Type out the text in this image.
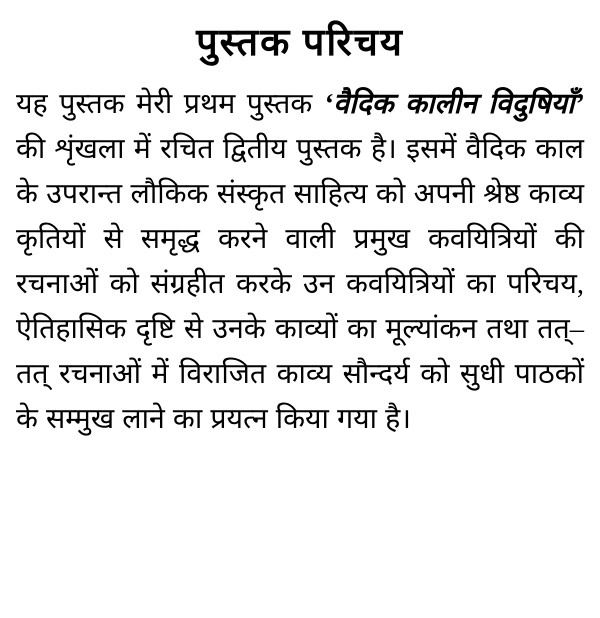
पुस्तक परिचय

यह पुस्तक मेरी प्रथम पुस्तक ‘वैदिक कालीन विदुषियाँ’ की शृंखला में रचित द्वितीय पुस्तक है। इसमें वैदिक काल के उपरान्त लौकिक संस्कृत साहित्य को अपनी श्रेष्ठ काव्य कृतियों से समृद्ध करने वाली प्रमुख कवयित्रियों की रचनाओं को संग्रहीत करके उन कवयित्रियों का परिचय, ऐतिहासिक दृष्टि से उनके काव्यों का मूल्यांकन तथा तत्–तत् रचनाओं में विराजित काव्य सौन्दर्य को सुधी पाठकों के सम्मुख लाने का प्रयत्न किया गया है।
